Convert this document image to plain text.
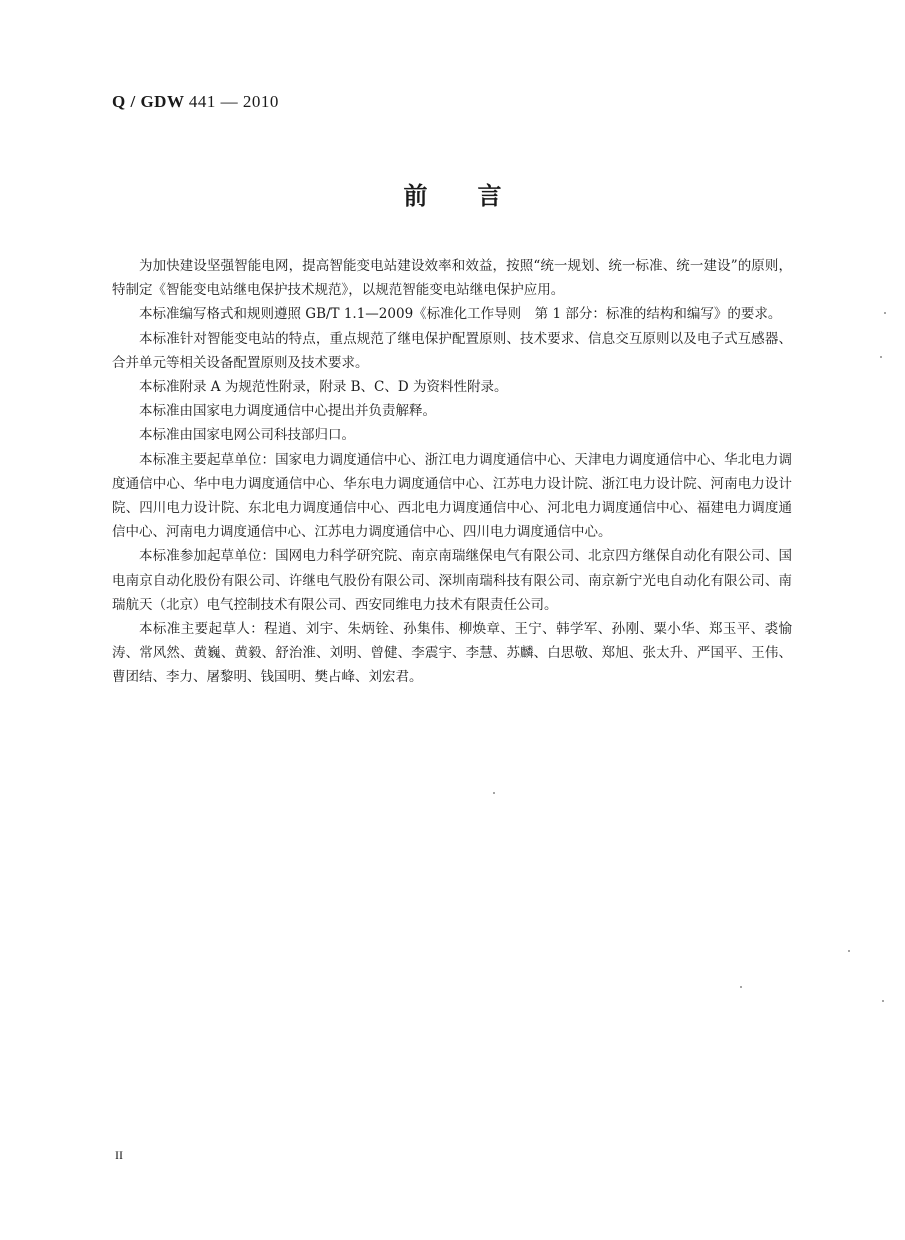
Q / GDW 441 — 2010
前言

为加快建设坚强智能电网，提高智能变电站建设效率和效益，按照“统一规划、统一标准、统一建设”的原则，特制定《智能变电站继电保护技术规范》，以规范智能变电站继电保护应用。

本标准编写格式和规则遵照 GB/T 1.1—2009《标准化工作导则　第 1 部分：标准的结构和编写》的要求。

本标准针对智能变电站的特点，重点规范了继电保护配置原则、技术要求、信息交互原则以及电子式互感器、合并单元等相关设备配置原则及技术要求。

本标准附录 A 为规范性附录，附录 B、C、D 为资料性附录。

本标准由国家电力调度通信中心提出并负责解释。

本标准由国家电网公司科技部归口。

本标准主要起草单位：国家电力调度通信中心、浙江电力调度通信中心、天津电力调度通信中心、华北电力调度通信中心、华中电力调度通信中心、华东电力调度通信中心、江苏电力设计院、浙江电力设计院、河南电力设计院、四川电力设计院、东北电力调度通信中心、西北电力调度通信中心、河北电力调度通信中心、福建电力调度通信中心、河南电力调度通信中心、江苏电力调度通信中心、四川电力调度通信中心。

本标准参加起草单位：国网电力科学研究院、南京南瑞继保电气有限公司、北京四方继保自动化有限公司、国电南京自动化股份有限公司、许继电气股份有限公司、深圳南瑞科技有限公司、南京新宁光电自动化有限公司、南瑞航天（北京）电气控制技术有限公司、西安同维电力技术有限责任公司。

本标准主要起草人：程逍、刘宇、朱炳铨、孙集伟、柳焕章、王宁、韩学军、孙刚、粟小华、郑玉平、裘愉涛、常风然、黄巍、黄毅、舒治淮、刘明、曾健、李震宇、李慧、苏麟、白思敬、郑旭、张太升、严国平、王伟、曹团结、李力、屠黎明、钱国明、樊占峰、刘宏君。

II
